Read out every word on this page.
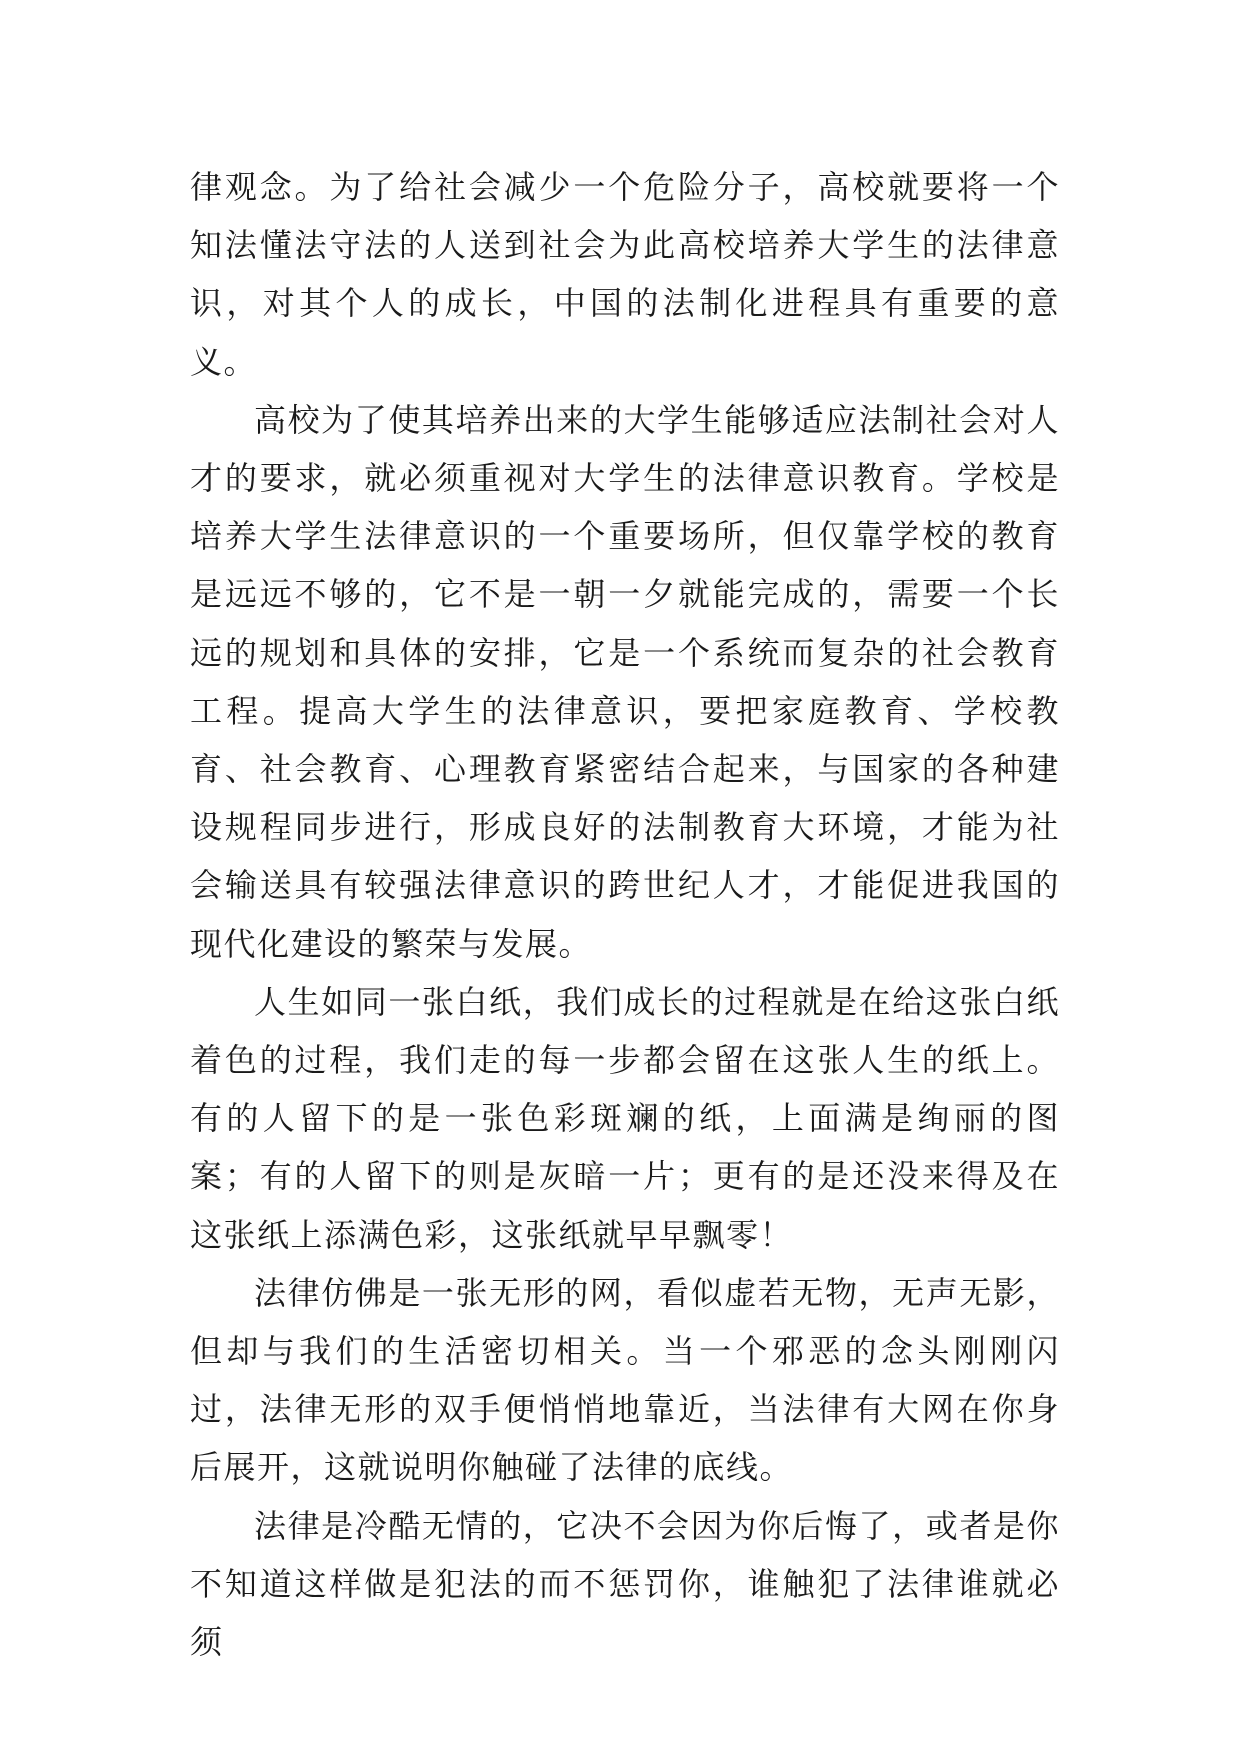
律观念。为了给社会减少一个危险分子，高校就要将一个知法懂法守法的人送到社会为此高校培养大学生的法律意识，对其个人的成长，中国的法制化进程具有重要的意义。

高校为了使其培养出来的大学生能够适应法制社会对人才的要求，就必须重视对大学生的法律意识教育。学校是培养大学生法律意识的一个重要场所，但仅靠学校的教育是远远不够的，它不是一朝一夕就能完成的，需要一个长远的规划和具体的安排，它是一个系统而复杂的社会教育工程。提高大学生的法律意识，要把家庭教育、学校教育、社会教育、心理教育紧密结合起来，与国家的各种建设规程同步进行，形成良好的法制教育大环境，才能为社会输送具有较强法律意识的跨世纪人才，才能促进我国的现代化建设的繁荣与发展。

人生如同一张白纸，我们成长的过程就是在给这张白纸着色的过程，我们走的每一步都会留在这张人生的纸上。有的人留下的是一张色彩斑斓的纸，上面满是绚丽的图案；有的人留下的则是灰暗一片；更有的是还没来得及在这张纸上添满色彩，这张纸就早早飘零！

法律仿佛是一张无形的网，看似虚若无物，无声无影，但却与我们的生活密切相关。当一个邪恶的念头刚刚闪过，法律无形的双手便悄悄地靠近，当法律有大网在你身后展开，这就说明你触碰了法律的底线。

法律是冷酷无情的，它决不会因为你后悔了，或者是你不知道这样做是犯法的而不惩罚你，谁触犯了法律谁就必须
